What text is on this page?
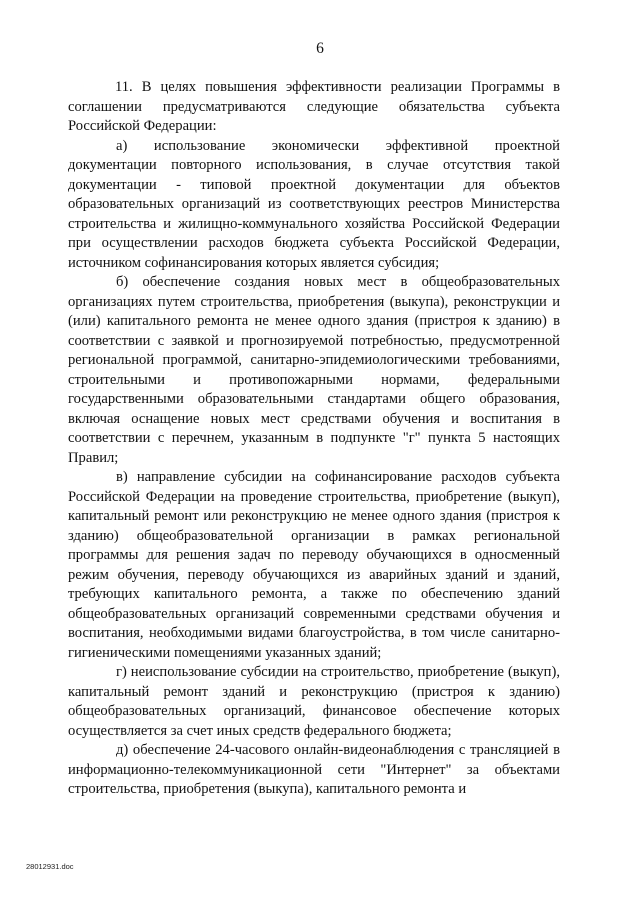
6

11. В целях повышения эффективности реализации Программы в соглашении предусматриваются следующие обязательства субъекта Российской Федерации:

а) использование экономически эффективной проектной документации повторного использования, в случае отсутствия такой документации - типовой проектной документации для объектов образовательных организаций из соответствующих реестров Министерства строительства и жилищно-коммунального хозяйства Российской Федерации при осуществлении расходов бюджета субъекта Российской Федерации, источником софинансирования которых является субсидия;

б) обеспечение создания новых мест в общеобразовательных организациях путем строительства, приобретения (выкупа), реконструкции и (или) капитального ремонта не менее одного здания (пристроя к зданию) в соответствии с заявкой и прогнозируемой потребностью, предусмотренной региональной программой, санитарно-эпидемиологическими требованиями, строительными и противопожарными нормами, федеральными государственными образовательными стандартами общего образования, включая оснащение новых мест средствами обучения и воспитания в соответствии с перечнем, указанным в подпункте "г" пункта 5 настоящих Правил;

в) направление субсидии на софинансирование расходов субъекта Российской Федерации на проведение строительства, приобретение (выкуп), капитальный ремонт или реконструкцию не менее одного здания (пристроя к зданию) общеобразовательной организации в рамках региональной программы для решения задач по переводу обучающихся в односменный режим обучения, переводу обучающихся из аварийных зданий и зданий, требующих капитального ремонта, а также по обеспечению зданий общеобразовательных организаций современными средствами обучения и воспитания, необходимыми видами благоустройства, в том числе санитарно-гигиеническими помещениями указанных зданий;

г) неиспользование субсидии на строительство, приобретение (выкуп), капитальный ремонт зданий и реконструкцию (пристроя к зданию) общеобразовательных организаций, финансовое обеспечение которых осуществляется за счет иных средств федерального бюджета;

д) обеспечение 24-часового онлайн-видеонаблюдения с трансляцией в информационно-телекоммуникационной сети "Интернет" за объектами строительства, приобретения (выкупа), капитального ремонта и

28012931.doc
